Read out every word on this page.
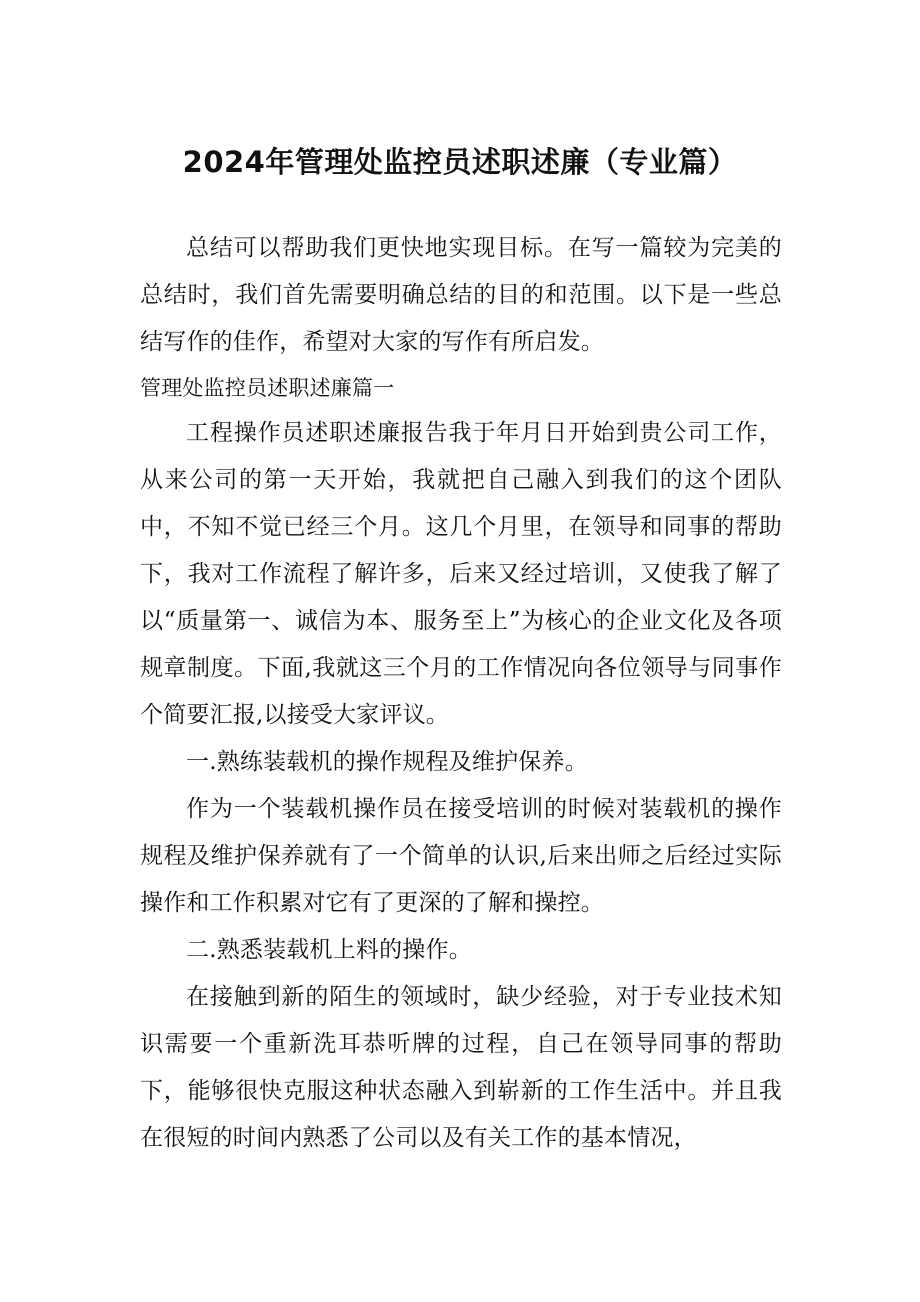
2024年管理处监控员述职述廉（专业篇）

总结可以帮助我们更快地实现目标。在写一篇较为完美的总结时，我们首先需要明确总结的目的和范围。以下是一些总结写作的佳作，希望对大家的写作有所启发。

管理处监控员述职述廉篇一

工程操作员述职述廉报告我于年月日开始到贵公司工作，从来公司的第一天开始，我就把自己融入到我们的这个团队中，不知不觉已经三个月。这几个月里，在领导和同事的帮助下，我对工作流程了解许多，后来又经过培训，又使我了解了以“质量第一、诚信为本、服务至上”为核心的企业文化及各项规章制度。下面,我就这三个月的工作情况向各位领导与同事作个简要汇报,以接受大家评议。

一.熟练装载机的操作规程及维护保养。

作为一个装载机操作员在接受培训的时候对装载机的操作规程及维护保养就有了一个简单的认识,后来出师之后经过实际操作和工作积累对它有了更深的了解和操控。

二.熟悉装载机上料的操作。

在接触到新的陌生的领域时，缺少经验，对于专业技术知识需要一个重新洗耳恭听牌的过程，自己在领导同事的帮助下，能够很快克服这种状态融入到崭新的工作生活中。并且我在很短的时间内熟悉了公司以及有关工作的基本情况，
